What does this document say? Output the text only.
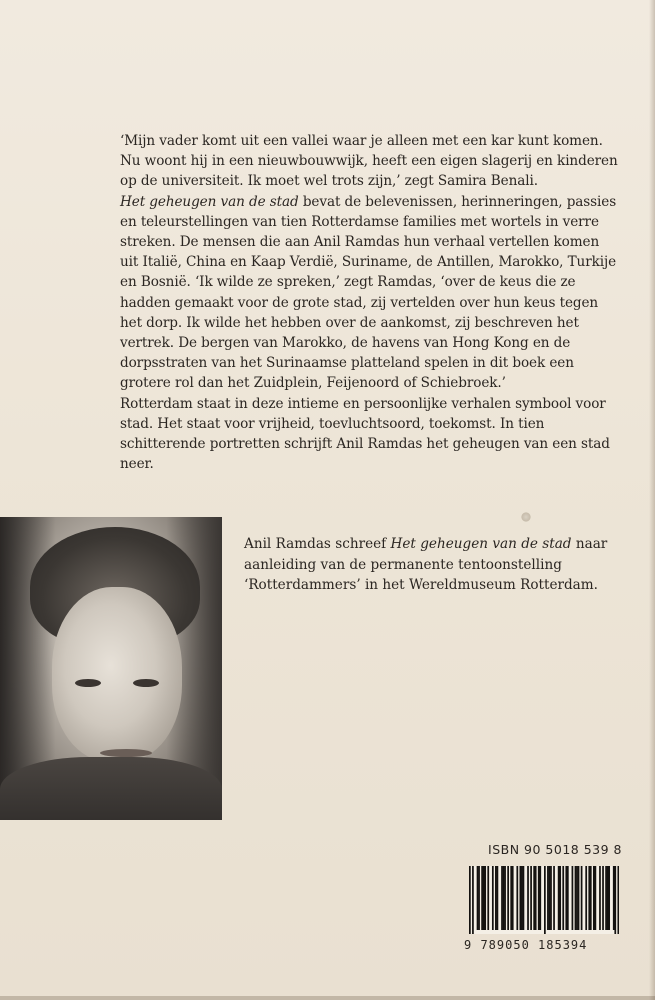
‘Mijn vader komt uit een vallei waar je alleen met een kar kunt komen. Nu woont hij in een nieuwbouwwijk, heeft een eigen slagerij en kinderen op de universiteit. Ik moet wel trots zijn,’ zegt Samira Benali.

Het geheugen van de stad bevat de belevenissen, herinneringen, passies en teleurstellingen van tien Rotterdamse families met wortels in verre streken. De mensen die aan Anil Ramdas hun verhaal vertellen komen uit Italië, China en Kaap Verdië, Suriname, de Antillen, Marokko, Turkije en Bosnië. ‘Ik wilde ze spreken,’ zegt Ramdas, ‘over de keus die ze hadden gemaakt voor de grote stad, zij vertelden over hun keus tegen het dorp. Ik wilde het hebben over de aankomst, zij beschreven het vertrek. De bergen van Marokko, de havens van Hong Kong en de dorpsstraten van het Surinaamse platteland spelen in dit boek een grotere rol dan het Zuidplein, Feijenoord of Schiebroek.’

Rotterdam staat in deze intieme en persoonlijke verhalen symbool voor stad. Het staat voor vrijheid, toevluchtsoord, toekomst. In tien schitterende portretten schrijft Anil Ramdas het geheugen van een stad neer.

Anil Ramdas schreef Het geheugen van de stad naar aanleiding van de permanente tentoonstelling ‘Rotterdammers’ in het Wereldmuseum Rotterdam.
ISBN 90 5018 539 8
9 789050 185394
